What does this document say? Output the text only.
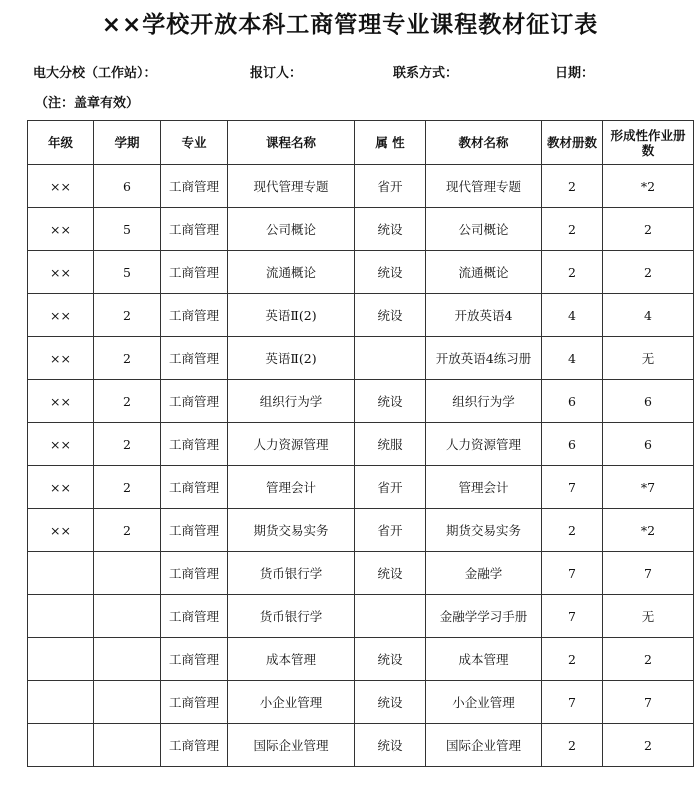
××学校开放本科工商管理专业课程教材征订表
电大分校（工作站）：	报订人：	联系方式：	日期：
（注：盖章有效）
年级	学期	专业	课程名称	属 性	教材名称	教材册数	形成性作业册数
××	6	工商管理	现代管理专题	省开	现代管理专题	2	*2
××	5	工商管理	公司概论	统设	公司概论	2	2
××	5	工商管理	流通概论	统设	流通概论	2	2
××	2	工商管理	英语Ⅱ(2)	统设	开放英语4	4	4
××	2	工商管理	英语Ⅱ(2)		开放英语4练习册	4	无
××	2	工商管理	组织行为学	统设	组织行为学	6	6
××	2	工商管理	人力资源管理	统服	人力资源管理	6	6
××	2	工商管理	管理会计	省开	管理会计	7	*7
××	2	工商管理	期货交易实务	省开	期货交易实务	2	*2
		工商管理	货币银行学	统设	金融学	7	7
		工商管理	货币银行学		金融学学习手册	7	无
		工商管理	成本管理	统设	成本管理	2	2
		工商管理	小企业管理	统设	小企业管理	7	7
		工商管理	国际企业管理	统设	国际企业管理	2	2
